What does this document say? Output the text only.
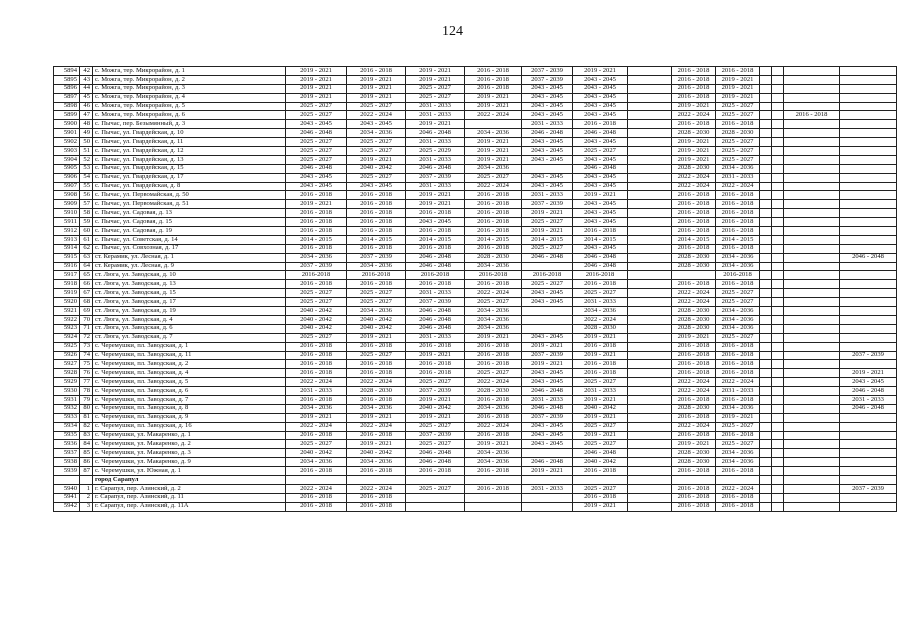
124
5894	42	с. Можга, тер. Микрорайон, д. 1	2019 - 2021	2016 - 2018	2019 - 2021	2016 - 2018	2037 - 2039	2019 - 2021		2016 - 2018	2016 - 2018				
5895	43	с. Можга, тер. Микрорайон, д. 2	2019 - 2021	2019 - 2021	2019 - 2021	2016 - 2018	2037 - 2039	2043 - 2045		2016 - 2018	2019 - 2021				
5896	44	с. Можга, тер. Микрорайон, д. 3	2019 - 2021	2019 - 2021	2025 - 2027	2016 - 2018	2043 - 2045	2043 - 2045		2016 - 2018	2019 - 2021				
5897	45	с. Можга, тер. Микрорайон, д. 4	2019 - 2021	2019 - 2021	2025 - 2027	2019 - 2021	2043 - 2045	2043 - 2045		2016 - 2018	2019 - 2021				
5898	46	с. Можга, тер. Микрорайон, д. 5	2025 - 2027	2025 - 2027	2031 - 2033	2019 - 2021	2043 - 2045	2043 - 2045		2019 - 2021	2025 - 2027				
5899	47	с. Можга, тер. Микрорайон, д. 6	2025 - 2027	2022 - 2024	2031 - 2033	2022 - 2024	2043 - 2045	2043 - 2045		2022 - 2024	2025 - 2027			2016 - 2018	
5900	48	с. Пычас, пер. Безымянный, д. 3	2043 - 2045	2043 - 2045	2019 - 2021		2031 - 2033	2016 - 2018		2016 - 2018	2016 - 2018				
5901	49	с. Пычас, ул. Гвардейская, д. 10	2046 - 2048	2034 - 2036	2046 - 2048	2034 - 2036	2046 - 2048	2046 - 2048		2028 - 2030	2028 - 2030				
5902	50	с. Пычас, ул. Гвардейская, д. 11	2025 - 2027	2025 - 2027	2031 - 2033	2019 - 2021	2043 - 2045	2043 - 2045		2019 - 2021	2025 - 2027				
5903	51	с. Пычас, ул. Гвардейская, д. 12	2025 - 2027	2025 - 2027	2025 - 2029	2019 - 2021	2043 - 2045	2025 - 2027		2019 - 2021	2025 - 2027				
5904	52	с. Пычас, ул. Гвардейская, д. 13	2025 - 2027	2019 - 2021	2031 - 2033	2019 - 2021	2043 - 2045	2043 - 2045		2019 - 2021	2025 - 2027				
5905	53	с. Пычас, ул. Гвардейская, д. 15	2046 - 2048	2040 - 2042	2046 - 2048	2034 - 2036		2046 - 2048		2028 - 2030	2034 - 2036				
5906	54	с. Пычас, ул. Гвардейская, д. 17	2043 - 2045	2025 - 2027	2037 - 2039	2025 - 2027	2043 - 2045	2043 - 2045		2022 - 2024	2031 - 2033				
5907	55	с. Пычас, ул. Гвардейская, д. 8	2043 - 2045	2043 - 2045	2031 - 2033	2022 - 2024	2043 - 2045	2043 - 2045		2022 - 2024	2022 - 2024				
5908	56	с. Пычас, ул. Первомайская, д. 50	2016 - 2018	2016 - 2018	2019 - 2021	2016 - 2018	2031 - 2033	2019 - 2021		2016 - 2018	2016 - 2018				
5909	57	с. Пычас, ул. Первомайская, д. 51	2019 - 2021	2016 - 2018	2019 - 2021	2016 - 2018	2037 - 2039	2043 - 2045		2016 - 2018	2016 - 2018				
5910	58	с. Пычас, ул. Садовая, д. 13	2016 - 2018	2016 - 2018	2016 - 2018	2016 - 2018	2019 - 2021	2043 - 2045		2016 - 2018	2016 - 2018				
5911	59	с. Пычас, ул. Садовая, д. 15	2016 - 2018	2016 - 2018	2043 - 2045	2016 - 2018	2025 - 2027	2043 - 2045		2016 - 2018	2016 - 2018				
5912	60	с. Пычас, ул. Садовая, д. 19	2016 - 2018	2016 - 2018	2016 - 2018	2016 - 2018	2019 - 2021	2016 - 2018		2016 - 2018	2016 - 2018				
5913	61	с. Пычас, ул. Советская, д. 14	2014 - 2015	2014 - 2015	2014 - 2015	2014 - 2015	2014 - 2015	2014 - 2015		2014 - 2015	2014 - 2015				
5914	62	с. Пычас, ул. Совхозная, д. 17	2016 - 2018	2016 - 2018	2016 - 2018	2016 - 2018	2025 - 2027	2043 - 2045		2016 - 2018	2016 - 2018				
5915	63	ст. Керамик, ул. Лесная, д. 1	2034 - 2036	2037 - 2039	2046 - 2048	2028 - 2030	2046 - 2048	2046 - 2048		2028 - 2030	2034 - 2036				2046 - 2048
5916	64	ст. Керамик, ул. Лесная, д. 9	2037 - 2039	2034 - 2036	2046 - 2048	2034 - 2036		2046 - 2048		2028 - 2030	2034 - 2036				
5917	65	ст. Люга, ул. Заводская, д. 10	2016-2018	2016-2018	2016-2018	2016-2018	2016-2018	2016-2018			2016-2018				
5918	66	ст. Люга, ул. Заводская, д. 13	2016 - 2018	2016 - 2018	2016 - 2018	2016 - 2018	2025 - 2027	2016 - 2018		2016 - 2018	2016 - 2018				
5919	67	ст. Люга, ул. Заводская, д. 15	2025 - 2027	2025 - 2027	2031 - 2033	2022 - 2024	2043 - 2045	2025 - 2027		2022 - 2024	2025 - 2027				
5920	68	ст. Люга, ул. Заводская, д. 17	2025 - 2027	2025 - 2027	2037 - 2039	2025 - 2027	2043 - 2045	2031 - 2033		2022 - 2024	2025 - 2027				
5921	69	ст. Люга, ул. Заводская, д. 19	2040 - 2042	2034 - 2036	2046 - 2048	2034 - 2036		2034 - 2036		2028 - 2030	2034 - 2036				
5922	70	ст. Люга, ул. Заводская, д. 4	2040 - 2042	2040 - 2042	2046 - 2048	2034 - 2036		2022 - 2024		2028 - 2030	2034 - 2036				
5923	71	ст. Люга, ул. Заводская, д. 6	2040 - 2042	2040 - 2042	2046 - 2048	2034 - 2036		2028 - 2030		2028 - 2030	2034 - 2036				
5924	72	ст. Люга, ул. Заводская, д. 7	2025 - 2027	2019 - 2021	2031 - 2033	2019 - 2021	2043 - 2045	2019 - 2021		2019 - 2021	2025 - 2027				
5925	73	с. Черемушки, пл. Заводская, д. 1	2016 - 2018	2016 - 2018	2016 - 2018	2016 - 2018	2019 - 2021	2016 - 2018		2016 - 2018	2016 - 2018				
5926	74	с. Черемушки, пл. Заводская, д. 11	2016 - 2018	2025 - 2027	2019 - 2021	2016 - 2018	2037 - 2039	2019 - 2021		2016 - 2018	2016 - 2018				2037 - 2039
5927	75	с. Черемушки, пл. Заводская, д. 2	2016 - 2018	2016 - 2018	2016 - 2018	2016 - 2018	2019 - 2021	2016 - 2018		2016 - 2018	2016 - 2018				
5928	76	с. Черемушки, пл. Заводская, д. 4	2016 - 2018	2016 - 2018	2016 - 2018	2025 - 2027	2043 - 2045	2016 - 2018		2016 - 2018	2016 - 2018				2019 - 2021
5929	77	с. Черемушки, пл. Заводская, д. 5	2022 - 2024	2022 - 2024	2025 - 2027	2022 - 2024	2043 - 2045	2025 - 2027		2022 - 2024	2022 - 2024				2043 - 2045
5930	78	с. Черемушки, пл. Заводская, д. 6	2031 - 2033	2028 - 2030	2037 - 2039	2028 - 2030	2046 - 2048	2031 - 2033		2022 - 2024	2031 - 2033				2046 - 2048
5931	79	с. Черемушки, пл. Заводская, д. 7	2016 - 2018	2016 - 2018	2019 - 2021	2016 - 2018	2031 - 2033	2019 - 2021		2016 - 2018	2016 - 2018				2031 - 2033
5932	80	с. Черемушки, пл. Заводская, д. 8	2034 - 2036	2034 - 2036	2040 - 2042	2034 - 2036	2046 - 2048	2040 - 2042		2028 - 2030	2034 - 2036				2046 - 2048
5933	81	с. Черемушки, пл. Заводская, д. 9	2019 - 2021	2019 - 2021	2019 - 2021	2016 - 2018	2037 - 2039	2019 - 2021		2016 - 2018	2019 - 2021				
5934	82	с. Черемушки, пл. Заводская, д. 16	2022 - 2024	2022 - 2024	2025 - 2027	2022 - 2024	2043 - 2045	2025 - 2027		2022 - 2024	2025 - 2027				
5935	83	с. Черемушки, ул. Макаренко, д. 1	2016 - 2018	2016 - 2018	2037 - 2039	2016 - 2018	2043 - 2045	2019 - 2021		2016 - 2018	2016 - 2018				
5936	84	с. Черемушки, ул. Макаренко, д. 2	2025 - 2027	2019 - 2021	2025 - 2027	2019 - 2021	2043 - 2045	2025 - 2027		2019 - 2021	2025 - 2027				
5937	85	с. Черемушки, ул. Макаренко, д. 3	2040 - 2042	2040 - 2042	2046 - 2048	2034 - 2036		2046 - 2048		2028 - 2030	2034 - 2036				
5938	86	с. Черемушки, ул. Макаренко, д. 9	2034 - 2036	2034 - 2036	2046 - 2048	2034 - 2036	2046 - 2048	2040 - 2042		2028 - 2030	2034 - 2036				
5939	87	с. Черемушки, ул. Южная, д. 1	2016 - 2018	2016 - 2018	2016 - 2018	2016 - 2018	2019 - 2021	2016 - 2018		2016 - 2018	2016 - 2018				
		город Сарапул													
5940	1	г. Сарапул, пер. Азинский, д. 2	2022 - 2024	2022 - 2024	2025 - 2027	2016 - 2018	2031 - 2033	2025 - 2027		2016 - 2018	2022 - 2024				2037 - 2039
5941	2	г. Сарапул, пер. Азинский, д. 11	2016 - 2018	2016 - 2018				2016 - 2018		2016 - 2018	2016 - 2018				
5942	3	г. Сарапул, пер. Азинский, д. 11А	2016 - 2018	2016 - 2018				2019 - 2021		2016 - 2018	2016 - 2018				
